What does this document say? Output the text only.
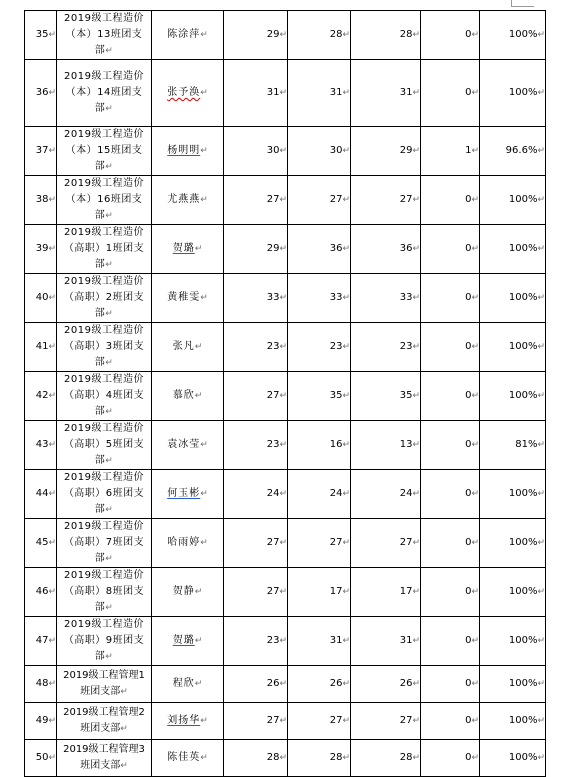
35↵	2019级工程造价
（本）13班团支
部↵	陈涂萍↵	29↵	28↵	28↵	0↵	100%↵
36↵	2019级工程造价
（本）14班团支
部↵	张予涣↵	31↵	31↵	31↵	0↵	100%↵
37↵	2019级工程造价
（本）15班团支
部↵	杨明明↵	30↵	30↵	29↵	1↵	96.6%↵
38↵	2019级工程造价
（本）16班团支
部↵	尤燕燕↵	27↵	27↵	27↵	0↵	100%↵
39↵	2019级工程造价
（高职）1班团支
部↵	贺璐↵	29↵	36↵	36↵	0↵	100%↵
40↵	2019级工程造价
（高职）2班团支
部↵	黄稚雯↵	33↵	33↵	33↵	0↵	100%↵
41↵	2019级工程造价
（高职）3班团支
部↵	张凡↵	23↵	23↵	23↵	0↵	100%↵
42↵	2019级工程造价
（高职）4班团支
部↵	慕欣↵	27↵	35↵	35↵	0↵	100%↵
43↵	2019级工程造价
（高职）5班团支
部↵	袁冰莹↵	23↵	16↵	13↵	0↵	81%↵
44↵	2019级工程造价
（高职）6班团支
部↵	何玉彬↵	24↵	24↵	24↵	0↵	100%↵
45↵	2019级工程造价
（高职）7班团支
部↵	哈雨婷↵	27↵	27↵	27↵	0↵	100%↵
46↵	2019级工程造价
（高职）8班团支
部↵	贺静↵	27↵	17↵	17↵	0↵	100%↵
47↵	2019级工程造价
（高职）9班团支
部↵	贺璐↵	23↵	31↵	31↵	0↵	100%↵
48↵	2019级工程管理1
班团支部↵	程欣↵	26↵	26↵	26↵	0↵	100%↵
49↵	2019级工程管理2
班团支部↵	刘扬华↵	27↵	27↵	27↵	0↵	100%↵
50↵	2019级工程管理3
班团支部↵	陈佳英↵	28↵	28↵	28↵	0↵	100%↵
